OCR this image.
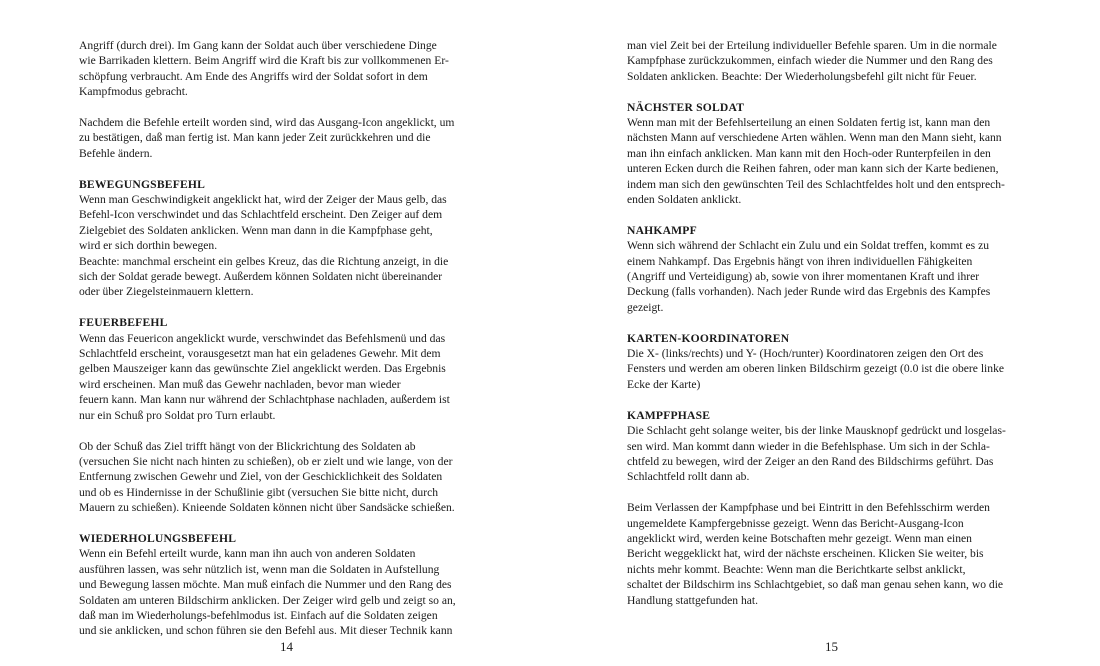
Angriff (durch drei). Im Gang kann der Soldat auch über verschiedene Dinge
wie Barrikaden klettern. Beim Angriff wird die Kraft bis zur vollkommenen Er-
schöpfung verbraucht. Am Ende des Angriffs wird der Soldat sofort in dem
Kampfmodus gebracht.

Nachdem die Befehle erteilt worden sind, wird das Ausgang-Icon angeklickt, um
zu bestätigen, daß man fertig ist. Man kann jeder Zeit zurückkehren und die
Befehle ändern.

BEWEGUNGSBEFEHL

Wenn man Geschwindigkeit angeklickt hat, wird der Zeiger der Maus gelb, das
Befehl-Icon verschwindet und das Schlachtfeld erscheint. Den Zeiger auf dem
Zielgebiet des Soldaten anklicken. Wenn man dann in die Kampfphase geht,
wird er sich dorthin bewegen.
Beachte: manchmal erscheint ein gelbes Kreuz, das die Richtung anzeigt, in die
sich der Soldat gerade bewegt. Außerdem können Soldaten nicht übereinander
oder über Ziegelsteinmauern klettern.

FEUERBEFEHL

Wenn das Feuericon angeklickt wurde, verschwindet das Befehlsmenü und das
Schlachtfeld erscheint, vorausgesetzt man hat ein geladenes Gewehr. Mit dem
gelben Mauszeiger kann das gewünschte Ziel angeklickt werden. Das Ergebnis
wird erscheinen. Man muß das Gewehr nachladen, bevor man wieder
feuern kann. Man kann nur während der Schlachtphase nachladen, außerdem ist
nur ein Schuß pro Soldat pro Turn erlaubt.

Ob der Schuß das Ziel trifft hängt von der Blickrichtung des Soldaten ab
(versuchen Sie nicht nach hinten zu schießen), ob er zielt und wie lange, von der
Entfernung zwischen Gewehr und Ziel, von der Geschicklichkeit des Soldaten
und ob es Hindernisse in der Schußlinie gibt (versuchen Sie bitte nicht, durch
Mauern zu schießen). Knieende Soldaten können nicht über Sandsäcke schießen.

WIEDERHOLUNGSBEFEHL

Wenn ein Befehl erteilt wurde, kann man ihn auch von anderen Soldaten
ausführen lassen, was sehr nützlich ist, wenn man die Soldaten in Aufstellung
und Bewegung lassen möchte. Man muß einfach die Nummer und den Rang des
Soldaten am unteren Bildschirm anklicken. Der Zeiger wird gelb und zeigt so an,
daß man im Wiederholungs-befehlmodus ist. Einfach auf die Soldaten zeigen
und sie anklicken, und schon führen sie den Befehl aus. Mit dieser Technik kann

14

man viel Zeit bei der Erteilung individueller Befehle sparen. Um in die normale
Kampfphase zurückzukommen, einfach wieder die Nummer und den Rang des
Soldaten anklicken. Beachte: Der Wiederholungsbefehl gilt nicht für Feuer.

NÄCHSTER SOLDAT

Wenn man mit der Befehlserteilung an einen Soldaten fertig ist, kann man den
nächsten Mann auf verschiedene Arten wählen. Wenn man den Mann sieht, kann
man ihn einfach anklicken. Man kann mit den Hoch-oder Runterpfeilen in den
unteren Ecken durch die Reihen fahren, oder man kann sich der Karte bedienen,
indem man sich den gewünschten Teil des Schlachtfeldes holt und den entsprech-
enden Soldaten anklickt.

NAHKAMPF

Wenn sich während der Schlacht ein Zulu und ein Soldat treffen, kommt es zu
einem Nahkampf. Das Ergebnis hängt von ihren individuellen Fähigkeiten
(Angriff und Verteidigung) ab, sowie von ihrer momentanen Kraft und ihrer
Deckung (falls vorhanden). Nach jeder Runde wird das Ergebnis des Kampfes
gezeigt.

KARTEN-KOORDINATOREN

Die X- (links/rechts) und Y- (Hoch/runter) Koordinatoren zeigen den Ort des
Fensters und werden am oberen linken Bildschirm gezeigt (0.0 ist die obere linke
Ecke der Karte)

KAMPFPHASE

Die Schlacht geht solange weiter, bis der linke Mausknopf gedrückt und losgelas-
sen wird. Man kommt dann wieder in die Befehlsphase. Um sich in der Schla-
chtfeld zu bewegen, wird der Zeiger an den Rand des Bildschirms geführt. Das
Schlachtfeld rollt dann ab.

Beim Verlassen der Kampfphase und bei Eintritt in den Befehlsschirm werden
ungemeldete Kampfergebnisse gezeigt. Wenn das Bericht-Ausgang-Icon
angeklickt wird, werden keine Botschaften mehr gezeigt. Wenn man einen
Bericht weggeklickt hat, wird der nächste erscheinen. Klicken Sie weiter, bis
nichts mehr kommt. Beachte: Wenn man die Berichtkarte selbst anklickt,
schaltet der Bildschirm ins Schlachtgebiet, so daß man genau sehen kann, wo die
Handlung stattgefunden hat.

15
